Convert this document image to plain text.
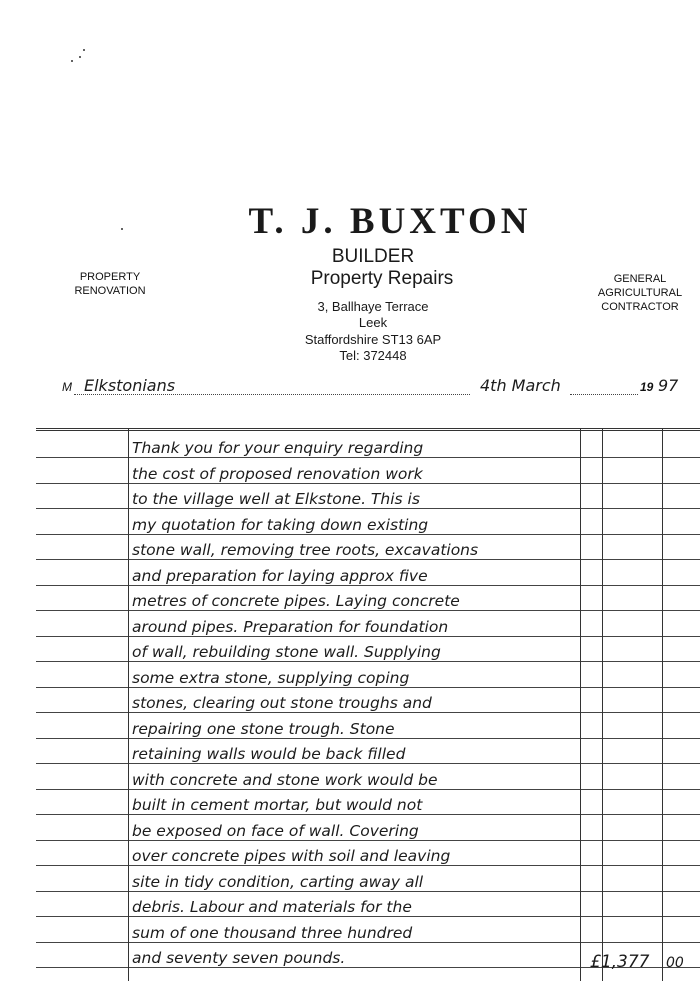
T. J. BUXTON
BUILDER
Property Repairs
3, Ballhaye Terrace
Leek
Staffordshire ST13 6AP
Tel: 372448
PROPERTY
RENOVATION
GENERAL
AGRICULTURAL
CONTRACTOR
M Elkstonians	4th March	19 97
Thank you for your enquiry regarding
the cost of proposed renovation work
to the village well at Elkstone. This is
my quotation for taking down existing
stone wall, removing tree roots, excavations
and preparation for laying approx five
metres of concrete pipes. Laying concrete
around pipes. Preparation for foundation
of wall, rebuilding stone wall. Supplying
some extra stone, supplying coping
stones, clearing out stone troughs and
repairing one stone trough. Stone
retaining walls would be back filled
with concrete and stone work would be
built in cement mortar, but would not
be exposed on face of wall. Covering
over concrete pipes with soil and leaving
site in tidy condition, carting away all
debris. Labour and materials for the
sum of one thousand three hundred
and seventy seven pounds.	£1,377 00
